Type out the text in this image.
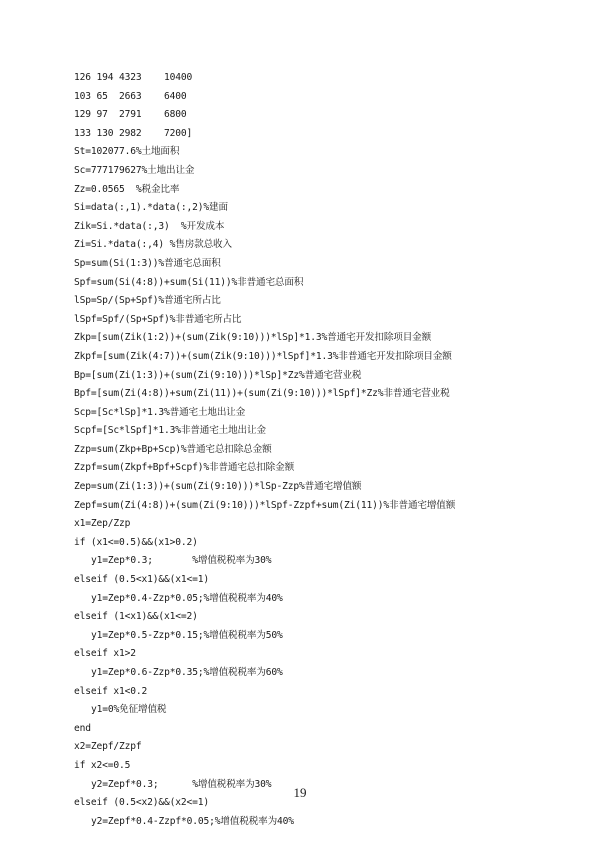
126 194 4323    10400
103 65  2663    6400
129 97  2791    6800
133 130 2982    7200]
St=102077.6%土地面积
Sc=777179627%土地出让金
Zz=0.0565  %税金比率
Si=data(:,1).*data(:,2)%建面
Zik=Si.*data(:,3)  %开发成本
Zi=Si.*data(:,4) %售房款总收入
Sp=sum(Si(1:3))%普通宅总面积
Spf=sum(Si(4:8))+sum(Si(11))%非普通宅总面积
lSp=Sp/(Sp+Spf)%普通宅所占比
lSpf=Spf/(Sp+Spf)%非普通宅所占比
Zkp=[sum(Zik(1:2))+(sum(Zik(9:10)))*lSp]*1.3%普通宅开发扣除项目金额
Zkpf=[sum(Zik(4:7))+(sum(Zik(9:10)))*lSpf]*1.3%非普通宅开发扣除项目金额
Bp=[sum(Zi(1:3))+(sum(Zi(9:10)))*lSp]*Zz%普通宅营业税
Bpf=[sum(Zi(4:8))+sum(Zi(11))+(sum(Zi(9:10)))*lSpf]*Zz%非普通宅营业税
Scp=[Sc*lSp]*1.3%普通宅土地出让金
Scpf=[Sc*lSpf]*1.3%非普通宅土地出让金
Zzp=sum(Zkp+Bp+Scp)%普通宅总扣除总金额
Zzpf=sum(Zkpf+Bpf+Scpf)%非普通宅总扣除金额
Zep=sum(Zi(1:3))+(sum(Zi(9:10)))*lSp-Zzp%普通宅增值额
Zepf=sum(Zi(4:8))+(sum(Zi(9:10)))*lSpf-Zzpf+sum(Zi(11))%非普通宅增值额
x1=Zep/Zzp
if (x1<=0.5)&&(x1>0.2)
y1=Zep*0.3;       %增值税税率为30%
elseif (0.5<x1)&&(x1<=1)
y1=Zep*0.4-Zzp*0.05;%增值税税率为40%
elseif (1<x1)&&(x1<=2)
y1=Zep*0.5-Zzp*0.15;%增值税税率为50%
elseif x1>2
y1=Zep*0.6-Zzp*0.35;%增值税税率为60%
elseif x1<0.2
y1=0%免征增值税
end
x2=Zepf/Zzpf
if x2<=0.5
y2=Zepf*0.3;      %增值税税率为30%
elseif (0.5<x2)&&(x2<=1)
y2=Zepf*0.4-Zzpf*0.05;%增值税税率为40%
19
